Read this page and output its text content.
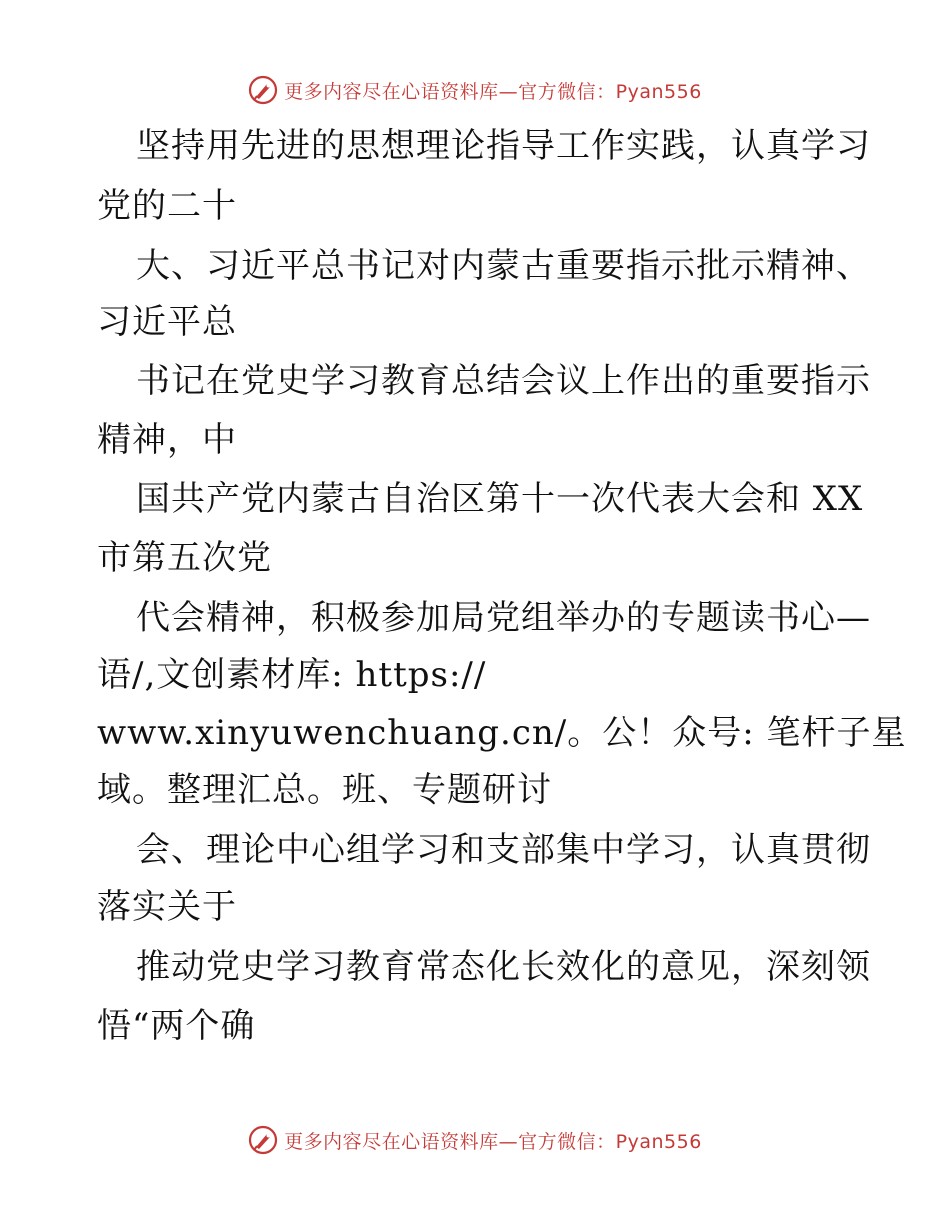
更多内容尽在心语资料库—官方微信：Pyan556
坚持用先进的思想理论指导工作实践，认真学习
党的二十
大、习近平总书记对内蒙古重要指示批示精神、
习近平总
书记在党史学习教育总结会议上作出的重要指示
精神，中
国共产党内蒙古自治区第十一次代表大会和 XX
市第五次党
代会精神，积极参加局党组举办的专题读书心—
语/,文创素材库: https://
www.xinyuwenchuang.cn/。公！众号: 笔杆子星
域。整理汇总。班、专题研讨
会、理论中心组学习和支部集中学习，认真贯彻
落实关于
推动党史学习教育常态化长效化的意见，深刻领
悟“两个确
更多内容尽在心语资料库—官方微信：Pyan556
